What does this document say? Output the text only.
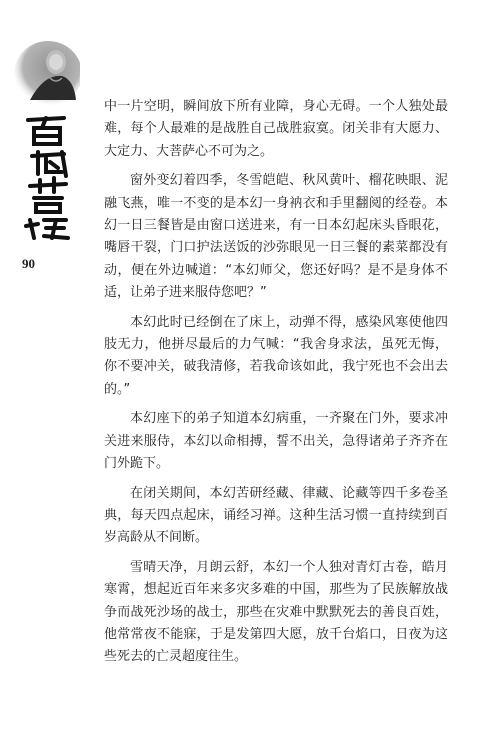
90

中一片空明，瞬间放下所有业障，身心无碍。一个人独处最难，每个人最难的是战胜自己战胜寂寞。闭关非有大愿力、大定力、大菩萨心不可为之。

窗外变幻着四季，冬雪皑皑、秋风黄叶、榴花映眼、泥融飞燕，唯一不变的是本幻一身衲衣和手里翻阅的经卷。本幻一日三餐皆是由窗口送进来，有一日本幻起床头昏眼花，嘴唇干裂，门口护法送饭的沙弥眼见一日三餐的素菜都没有动，便在外边喊道：“本幻师父，您还好吗？是不是身体不适，让弟子进来服侍您吧？”

本幻此时已经倒在了床上，动弹不得，感染风寒使他四肢无力，他拼尽最后的力气喊：“我舍身求法，虽死无悔，你不要冲关，破我清修，若我命该如此，我宁死也不会出去的。”

本幻座下的弟子知道本幻病重，一齐聚在门外，要求冲关进来服侍，本幻以命相搏，誓不出关，急得诸弟子齐齐在门外跪下。

在闭关期间，本幻苦研经藏、律藏、论藏等四千多卷圣典，每天四点起床，诵经习禅。这种生活习惯一直持续到百岁高龄从不间断。

雪晴天净，月朗云舒，本幻一个人独对青灯古卷，皓月寒霄，想起近百年来多灾多难的中国，那些为了民族解放战争而战死沙场的战士，那些在灾难中默默死去的善良百姓，他常常夜不能寐，于是发第四大愿，放千台焰口，日夜为这些死去的亡灵超度往生。
